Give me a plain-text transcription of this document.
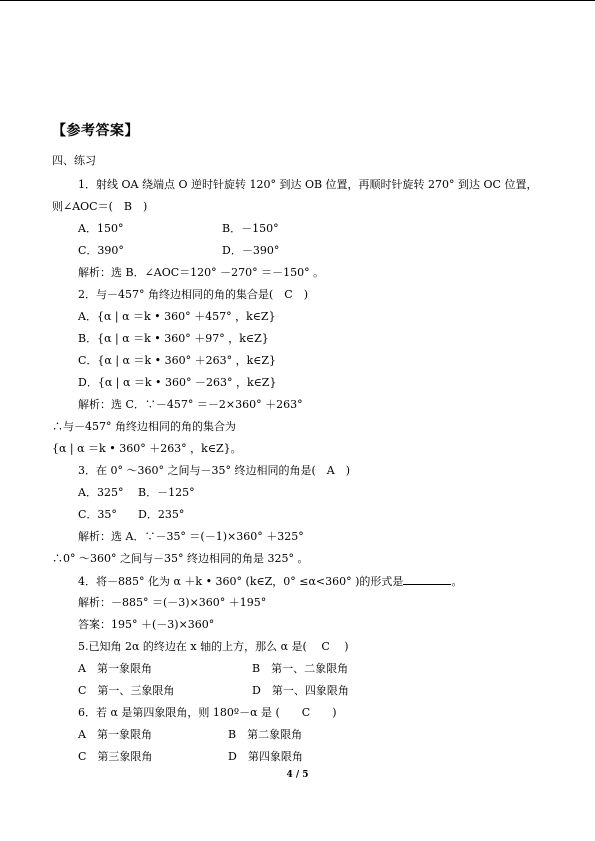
【参考答案】
四、练习
1．射线 OA 绕端点 O 逆时针旋转 120° 到达 OB 位置，再顺时针旋转 270° 到达 OC 位置，
则∠AOC＝(　B　)
A．150°	B．－150°
C．390°	D．－390°
解析：选 B．∠AOC＝120° －270° ＝－150° 。
2．与－457° 角终边相同的角的集合是(　C　)
A．{α | α ＝k • 360° ＋457° ，k∈Z}
B．{α | α ＝k • 360° ＋97° ，k∈Z}
C．{α | α ＝k • 360° ＋263° ，k∈Z}
D．{α | α ＝k • 360° －263° ，k∈Z}
解析：选 C．∵－457° ＝－2×360° ＋263°
∴与－457° 角终边相同的角的集合为
{α | α ＝k • 360° ＋263° ，k∈Z}。
3．在 0° ～360° 之间与－35° 终边相同的角是(　A　)
A．325° B．－125°
C．35° D．235°
解析：选 A．∵－35° ＝(－1)×360° ＋325°
∴0° ～360° 之间与－35° 终边相同的角是 325° 。
4．将－885° 化为 α ＋k • 360° (k∈Z，0° ≤α<360° )的形式是	。
解析：－885° ＝(－3)×360° ＋195°
答案：195° ＋(－3)×360°
5.已知角 2α 的终边在 x 轴的上方，那么 α 是(　 C　 )
A　第一象限角	B　第一、二象限角
C　第一、三象限角	D　第一、四象限角
6．若 α 是第四象限角，则 180º－α 是 (　　C　　)
A　第一象限角	B　第二象限角
C　第三象限角	D　第四象限角
4 / 5
